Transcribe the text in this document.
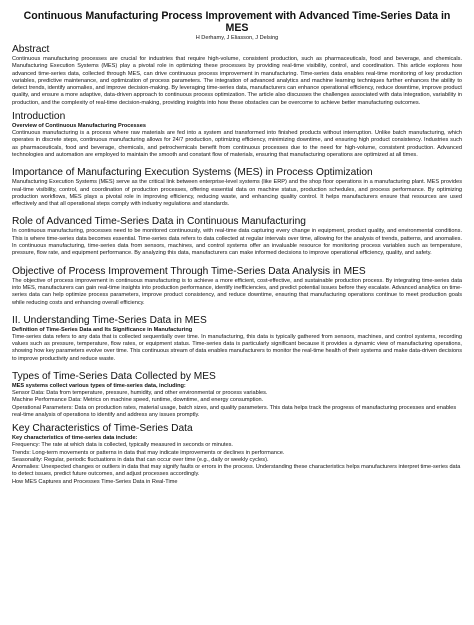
Continuous Manufacturing Process Improvement with Advanced Time-Series Data in MES
H Derhamy, J Eliasson, J Delsing
Abstract

Continuous manufacturing processes are crucial for industries that require high-volume, consistent production, such as pharmaceuticals, food and beverage, and chemicals. Manufacturing Execution Systems (MES) play a pivotal role in optimizing these processes by providing real-time visibility, control, and coordination. This article explores how advanced time-series data, collected through MES, can drive continuous process improvement in manufacturing. Time-series data enables real-time monitoring of key production variables, predictive maintenance, and optimization of process parameters. The integration of advanced analytics and machine learning techniques further enhances the ability to detect trends, identify anomalies, and improve decision-making. By leveraging time-series data, manufacturers can enhance operational efficiency, reduce downtime, improve product quality, and ensure a more adaptive, data-driven approach to continuous process optimization. The article also discusses the challenges associated with data integration, variability in production, and the complexity of real-time decision-making, providing insights into how these obstacles can be overcome to achieve better manufacturing outcomes.

Introduction
Overview of Continuous Manufacturing Processes

Continuous manufacturing is a process where raw materials are fed into a system and transformed into finished products without interruption. Unlike batch manufacturing, which operates in discrete steps, continuous manufacturing allows for 24/7 production, optimizing efficiency, minimizing downtime, and ensuring high product consistency. Industries such as pharmaceuticals, food and beverage, chemicals, and petrochemicals benefit from continuous processes due to the need for high-volume, consistent production. Advanced technologies and automation are employed to maintain the smooth and constant flow of materials, ensuring that manufacturing operations are optimized at all times.

Importance of Manufacturing Execution Systems (MES) in Process Optimization

Manufacturing Execution Systems (MES) serve as the critical link between enterprise-level systems (like ERP) and the shop floor operations in a manufacturing plant. MES provides real-time visibility, control, and coordination of production processes, offering essential data on machine status, production schedules, and process performance. By optimizing production workflows, MES plays a pivotal role in improving efficiency, reducing waste, and enhancing quality control. It helps manufacturers ensure that resources are used effectively and that all operational steps comply with industry regulations and standards.

Role of Advanced Time-Series Data in Continuous Manufacturing

In continuous manufacturing, processes need to be monitored continuously, with real-time data capturing every change in equipment, product quality, and environmental conditions. This is where time-series data becomes essential. Time-series data refers to data collected at regular intervals over time, allowing for the analysis of trends, patterns, and anomalies. In continuous manufacturing, time-series data from sensors, machines, and control systems offer an invaluable resource for monitoring process variables such as temperature, pressure, flow rate, and equipment performance. By analyzing this data, manufacturers can make informed decisions to improve operational efficiency, quality, and safety.

Objective of Process Improvement Through Time-Series Data Analysis in MES

The objective of process improvement in continuous manufacturing is to achieve a more efficient, cost-effective, and sustainable production process. By integrating time-series data into MES, manufacturers can gain real-time insights into production performance, identify inefficiencies, and predict potential issues before they escalate. Advanced analytics on time-series data can help optimize process parameters, improve product consistency, and reduce downtime, ensuring that manufacturing operations continue to meet production goals while reducing costs and enhancing overall efficiency.

II. Understanding Time-Series Data in MES
Definition of Time-Series Data and Its Significance in Manufacturing

Time-series data refers to any data that is collected sequentially over time. In manufacturing, this data is typically gathered from sensors, machines, and control systems, recording values such as pressure, temperature, flow rates, or equipment status. Time-series data is particularly significant because it provides a dynamic view of manufacturing operations, showing how key parameters evolve over time. This continuous stream of data enables manufacturers to monitor the real-time health of their systems and make data-driven decisions to improve productivity and reduce waste.

Types of Time-Series Data Collected by MES
MES systems collect various types of time-series data, including:
Sensor Data: Data from temperature, pressure, humidity, and other environmental or process variables.
Machine Performance Data: Metrics on machine speed, runtime, downtime, and energy consumption.
Operational Parameters: Data on production rates, material usage, batch sizes, and quality parameters. This data helps track the progress of manufacturing processes and enables real-time analysis of operations to identify and address any issues promptly.
Key Characteristics of Time-Series Data
Key characteristics of time-series data include:
Frequency: The rate at which data is collected, typically measured in seconds or minutes.
Trends: Long-term movements or patterns in data that may indicate improvements or declines in performance.
Seasonality: Regular, periodic fluctuations in data that can occur over time (e.g., daily or weekly cycles).
Anomalies: Unexpected changes or outliers in data that may signify faults or errors in the process. Understanding these characteristics helps manufacturers interpret time-series data to detect issues, predict future outcomes, and adjust processes accordingly.
How MES Captures and Processes Time-Series Data in Real-Time
